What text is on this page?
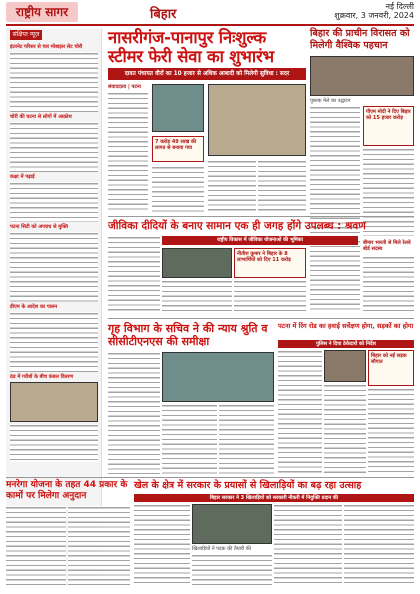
राष्ट्रीय सागर	बिहार
नई दिल्ली
शुक्रवार, 3 जनवरी, 2024
संक्षिप्त न्यूज़
इंटरनेट परिसर से चार मोबाइल सेट चोरी
चोरी की घटना से लोगों में आक्रोश
कक्षा में पढ़ाई
पटना सिटी को अपराध से मुक्ति
डीएम के आदेश का पालन
ठंड में गरीबों के बीच कंबल वितरण
नासरीगंज-पानापुर निःशुल्क स्टीमर फेरी सेवा का शुभारंभ
दावत पंचायत वीरों का 10 हजार से अधिक आबादी को मिलेगी सुविधा : सदर
संवाददाता | पटना
7 करोड़ 49 लाख की लागत से बनाया गया
बिहार की प्राचीन विरासत को मिलेगी वैश्विक पहचान
पुस्तक मेले का उद्घाटन
पीएम मोदी ने दिए बिहार को 15 हजार करोड़
बीमार भारती से मिले रेलवे बोर्ड सदस्य
जीविका दीदियों के बनाए सामान एक ही जगह होंगे उपलब्ध : श्रवण
राष्ट्रीय विकास में जीविका योजनाओं की भूमिका
नीतीश कुमार ने बिहार के 8 लाभार्थियों को दिए 11 करोड़
गृह विभाग के सचिव ने की न्याय श्रुति व सीसीटीएनएस की समीक्षा
पटना में रिंग रोड का हवाई सर्वेक्षण होगा, सड़कों का होगा
पुलिस ने दिया ठेकेदारों को निर्देश
बिहार को नई सड़क सौगात
मनरेगा योजना के तहत 44 प्रकार के कामों पर मिलेगा अनुदान
खेल के क्षेत्र में सरकार के प्रयासों से खिलाड़ियों का बढ़ रहा उत्साह
बिहार सरकार ने 3 खिलाड़ियों को सरकारी नौकरी में नियुक्ति प्रदान की
खिलाड़ियों ने पदक की तैयारी की
